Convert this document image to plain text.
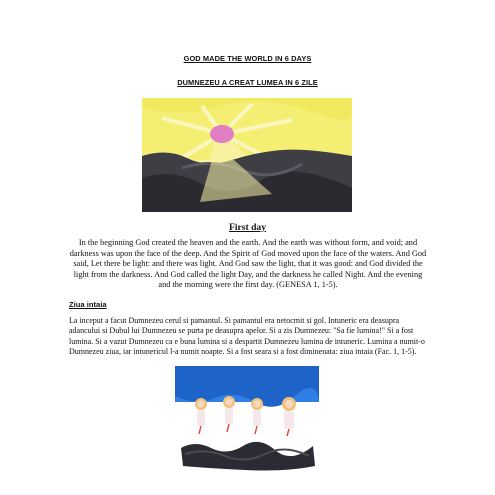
GOD MADE THE WORLD IN 6 DAYS
DUMNEZEU A CREAT LUMEA IN 6 ZILE
First day

In the beginning God created the heaven and the earth. And the earth was without form, and void; and darkness was upon the face of the deep. And the Spirit of God moved upon the face of the waters. And God said, Let there be light: and there was light. And God saw the light, that it was good: and God divided the light from the darkness. And God called the light Day, and the darkness he called Night. And the evening and the morning were the first day. (GENESA 1, 1-5).

Ziua intaia

La inceput a facut Dumnezeu cerul si pamantul. Si pamantul era netocmit si gol. Intuneric era deasupra adancului si Dubul lui Dumnezeu se purta pe deasupra apelor. Si a zis Dumnezeu: "Sa fie lumina!" Si a fost lumina. Si a vazut Dumnezeu ca e buna lumina si a despartit Dumnezeu lumina de intuneric. Lumina a numit-o Dumnezeu ziua, iar intunericul l-a numit noapte. Si a fost seara si a fost diminenata: ziua intaia (Fac. 1, 1-5).
